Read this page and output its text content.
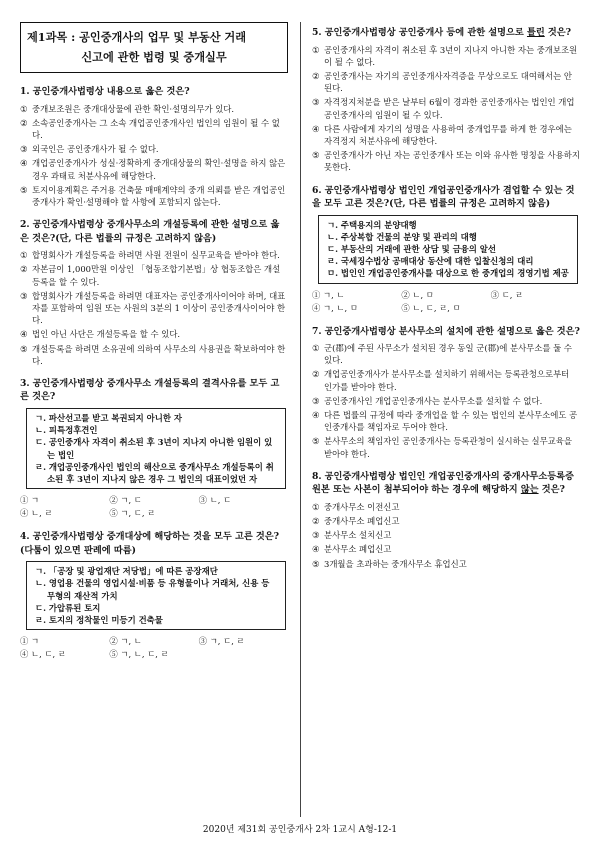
제1과목 : 공인중개사의 업무 및 부동산 거래
신고에 관한 법령 및 중개실무
1. 공인중개사법령상 내용으로 옳은 것은?
① 중개보조원은 중개대상물에 관한 확인·설명의무가 있다.
② 소속공인중개사는 그 소속 개업공인중개사인 법인의 임원이 될 수 없다.
③ 외국인은 공인중개사가 될 수 없다.
④ 개업공인중개사가 성실·정확하게 중개대상물의 확인·설명을 하지 않은 경우 과태료 처분사유에 해당한다.
⑤ 토지이용계획은 주거용 건축물 매매계약의 중개 의뢰를 받은 개업공인중개사가 확인·설명해야 할 사항에 포함되지 않는다.
2. 공인중개사법령상 중개사무소의 개설등록에 관한 설명으로 옳은 것은?(단, 다른 법률의 규정은 고려하지 않음)
① 합명회사가 개설등록을 하려면 사원 전원이 실무교육을 받아야 한다.
② 자본금이 1,000만원 이상인 「협동조합기본법」상 협동조합은 개설등록을 할 수 있다.
③ 합명회사가 개설등록을 하려면 대표자는 공인중개사이어야 하며, 대표자를 포함하여 임원 또는 사원의 3분의 1 이상이 공인중개사이어야 한다.
④ 법인 아닌 사단은 개설등록을 할 수 있다.
⑤ 개설등록을 하려면 소유권에 의하여 사무소의 사용권을 확보하여야 한다.
3. 공인중개사법령상 중개사무소 개설등록의 결격사유를 모두 고른 것은?
ㄱ. 파산선고를 받고 복권되지 아니한 자
ㄴ. 피특정후견인
ㄷ. 공인중개사 자격이 취소된 후 3년이 지나지 아니한 임원이 있는 법인
ㄹ. 개업공인중개사인 법인의 해산으로 중개사무소 개설등록이 취소된 후 3년이 지나지 않은 경우 그 법인의 대표이었던 자
① ㄱ	② ㄱ, ㄷ	③ ㄴ, ㄷ
④ ㄴ, ㄹ	⑤ ㄱ, ㄷ, ㄹ
4. 공인중개사법령상 중개대상에 해당하는 것을 모두 고른 것은?(다툼이 있으면 판례에 따름)
ㄱ. 「공장 및 광업재단 저당법」에 따른 공장재단
ㄴ. 영업용 건물의 영업시설·비품 등 유형물이나 거래처, 신용 등 무형의 재산적 가치
ㄷ. 가압류된 토지
ㄹ. 토지의 정착물인 미등기 건축물
① ㄱ	② ㄱ, ㄴ	③ ㄱ, ㄷ, ㄹ
④ ㄴ, ㄷ, ㄹ	⑤ ㄱ, ㄴ, ㄷ, ㄹ
5. 공인중개사법령상 공인중개사 등에 관한 설명으로 틀린 것은?
① 공인중개사의 자격이 취소된 후 3년이 지나지 아니한 자는 중개보조원이 될 수 없다.
② 공인중개사는 자기의 공인중개사자격증을 무상으로도 대여해서는 안된다.
③ 자격정지처분을 받은 날부터 6월이 경과한 공인중개사는 법인인 개업공인중개사의 임원이 될 수 있다.
④ 다른 사람에게 자기의 성명을 사용하여 중개업무를 하게 한 경우에는 자격정지 처분사유에 해당한다.
⑤ 공인중개사가 아닌 자는 공인중개사 또는 이와 유사한 명칭을 사용하지 못한다.
6. 공인중개사법령상 법인인 개업공인중개사가 겸업할 수 있는 것을 모두 고른 것은?(단, 다른 법률의 규정은 고려하지 않음)
ㄱ. 주택용지의 분양대행
ㄴ. 주상복합 건물의 분양 및 관리의 대행
ㄷ. 부동산의 거래에 관한 상담 및 금융의 알선
ㄹ. 국세징수법상 공매대상 동산에 대한 입찰신청의 대리
ㅁ. 법인인 개업공인중개사를 대상으로 한 중개업의 경영기법 제공
① ㄱ, ㄴ	② ㄴ, ㅁ	③ ㄷ, ㄹ
④ ㄱ, ㄴ, ㅁ	⑤ ㄴ, ㄷ, ㄹ, ㅁ
7. 공인중개사법령상 분사무소의 설치에 관한 설명으로 옳은 것은?
① 군(郡)에 주된 사무소가 설치된 경우 동일 군(郡)에 분사무소를 둘 수 있다.
② 개업공인중개사가 분사무소를 설치하기 위해서는 등록관청으로부터 인가를 받아야 한다.
③ 공인중개사인 개업공인중개사는 분사무소를 설치할 수 없다.
④ 다른 법률의 규정에 따라 중개업을 할 수 있는 법인의 분사무소에도 공인중개사를 책임자로 두어야 한다.
⑤ 분사무소의 책임자인 공인중개사는 등록관청이 실시하는 실무교육을 받아야 한다.
8. 공인중개사법령상 법인인 개업공인중개사의 중개사무소등록증 원본 또는 사본이 첨부되어야 하는 경우에 해당하지 않는 것은?
① 중개사무소 이전신고
② 중개사무소 폐업신고
③ 분사무소 설치신고
④ 분사무소 폐업신고
⑤ 3개월을 초과하는 중개사무소 휴업신고
2020년 제31회 공인중개사 2차 1교시 A형-12-1
